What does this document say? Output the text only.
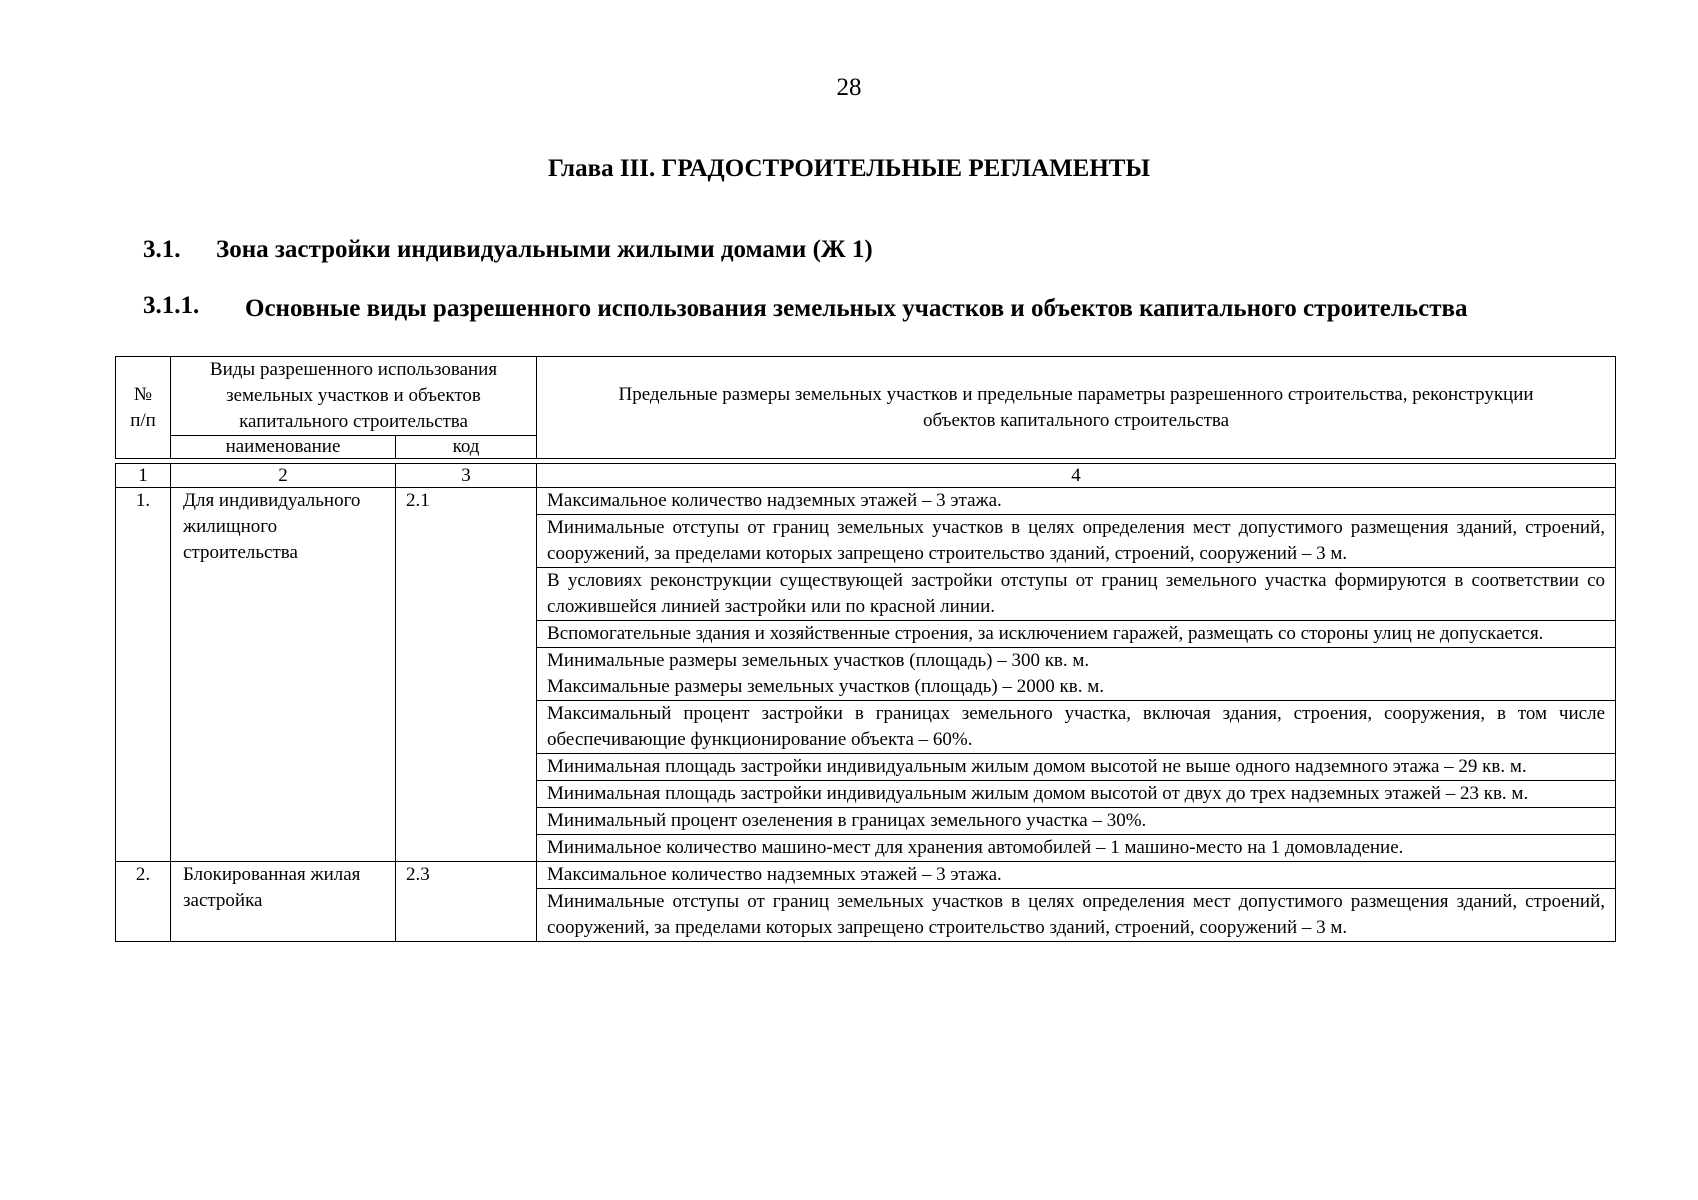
28
Глава III. ГРАДОСТРОИТЕЛЬНЫЕ РЕГЛАМЕНТЫ
3.1. Зона застройки индивидуальными жилыми домами (Ж 1)
3.1.1. Основные виды разрешенного использования земельных участков и объектов капитального строительства
№ п/п	Виды разрешенного использования земельных участков и объектов капитального строительства		Предельные размеры земельных участков и предельные параметры разрешенного строительства, реконструкции объектов капитального строительства
	наименование	код	

1	2	3	4
1.	Для индивидуального жилищного строительства	2.1	Максимальное количество надземных этажей – 3 этажа.
			Минимальные отступы от границ земельных участков в целях определения мест допустимого размещения зданий, строений, сооружений, за пределами которых запрещено строительство зданий, строений, сооружений – 3 м.
			В условиях реконструкции существующей застройки отступы от границ земельного участка формируются в соответствии со сложившейся линией застройки или по красной линии.
			Вспомогательные здания и хозяйственные строения, за исключением гаражей, размещать со стороны улиц не допускается.
			Минимальные размеры земельных участков (площадь) – 300 кв. м.
Максимальные размеры земельных участков (площадь) – 2000 кв. м.
			Максимальный процент застройки в границах земельного участка, включая здания, строения, сооружения, в том числе обеспечивающие функционирование объекта – 60%.
			Минимальная площадь застройки индивидуальным жилым домом высотой не выше одного надземного этажа – 29 кв. м.
			Минимальная площадь застройки индивидуальным жилым домом высотой от двух до трех надземных этажей – 23 кв. м.
			Минимальный процент озеленения в границах земельного участка – 30%.
			Минимальное количество машино-мест для хранения автомобилей – 1 машино-место на 1 домовладение.
2.	Блокированная жилая застройка	2.3	Максимальное количество надземных этажей – 3 этажа.
			Минимальные отступы от границ земельных участков в целях определения мест допустимого размещения зданий, строений, сооружений, за пределами которых запрещено строительство зданий, строений, сооружений – 3 м.
